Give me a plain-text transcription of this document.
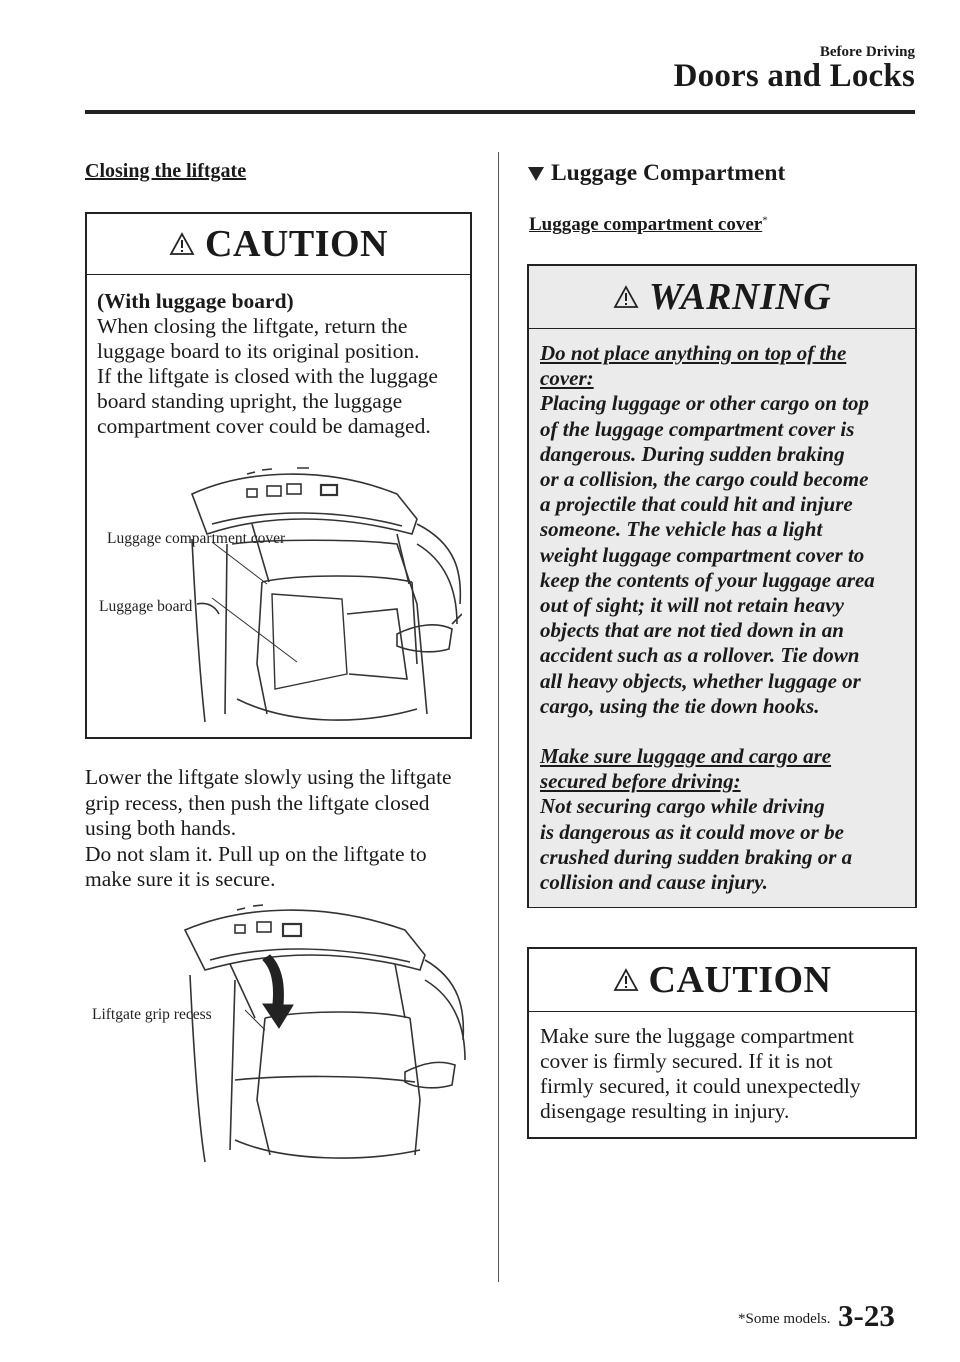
Before Driving
Doors and Locks
Closing the liftgate
CAUTION
(With luggage board)
When closing the liftgate, return the
luggage board to its original position.
If the liftgate is closed with the luggage
board standing upright, the luggage
compartment cover could be damaged.
Luggage compartment cover
Luggage board
Lower the liftgate slowly using the liftgate
grip recess, then push the liftgate closed
using both hands.
Do not slam it. Pull up on the liftgate to
make sure it is secure.
Liftgate grip recess
Luggage Compartment
Luggage compartment cover*
WARNING
Do not place anything on top of the
cover:
Placing luggage or other cargo on top
of the luggage compartment cover is
dangerous. During sudden braking
or a collision, the cargo could become
a projectile that could hit and injure
someone. The vehicle has a light
weight luggage compartment cover to
keep the contents of your luggage area
out of sight; it will not retain heavy
objects that are not tied down in an
accident such as a rollover. Tie down
all heavy objects, whether luggage or
cargo, using the tie down hooks.
Make sure luggage and cargo are
secured before driving:
Not securing cargo while driving
is dangerous as it could move or be
crushed during sudden braking or a
collision and cause injury.
CAUTION
Make sure the luggage compartment
cover is firmly secured. If it is not
firmly secured, it could unexpectedly
disengage resulting in injury.
*Some models. 3-23
